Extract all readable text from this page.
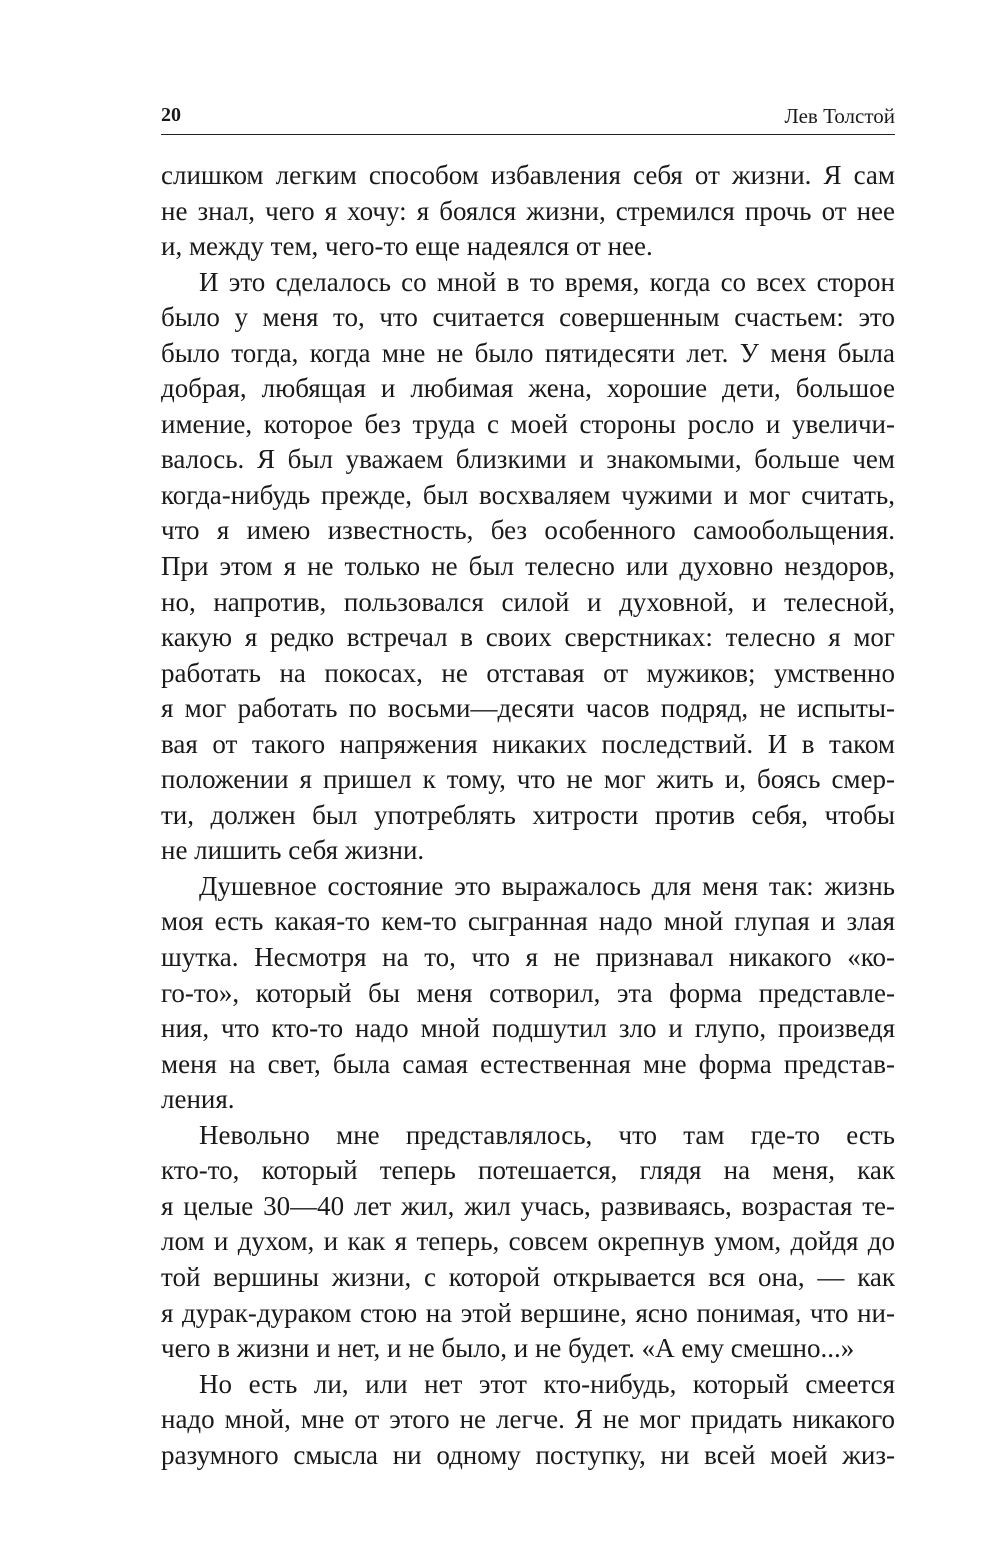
20	Лев Толстой
слишком легким способом избавления себя от жизни. Я сам
не знал, чего я хочу: я боялся жизни, стремился прочь от нее
и, между тем, чего-то еще надеялся от нее.
И это сделалось со мной в то время, когда со всех сторон
было у меня то, что считается совершенным счастьем: это
было тогда, когда мне не было пятидесяти лет. У меня была
добрая, любящая и любимая жена, хорошие дети, большое
имение, которое без труда с моей стороны росло и увеличи-
валось. Я был уважаем близкими и знакомыми, больше чем
когда-нибудь прежде, был восхваляем чужими и мог считать,
что я имею известность, без особенного самообольщения.
При этом я не только не был телесно или духовно нездоров,
но, напротив, пользовался силой и духовной, и телесной,
какую я редко встречал в своих сверстниках: телесно я мог
работать на покосах, не отставая от мужиков; умственно
я мог работать по восьми—десяти часов подряд, не испыты-
вая от такого напряжения никаких последствий. И в таком
положении я пришел к тому, что не мог жить и, боясь смер-
ти, должен был употреблять хитрости против себя, чтобы
не лишить себя жизни.
Душевное состояние это выражалось для меня так: жизнь
моя есть какая-то кем-то сыгранная надо мной глупая и злая
шутка. Несмотря на то, что я не признавал никакого «ко-
го-то», который бы меня сотворил, эта форма представле-
ния, что кто-то надо мной подшутил зло и глупо, произведя
меня на свет, была самая естественная мне форма представ-
ления.
Невольно мне представлялось, что там где-то есть
кто-то, который теперь потешается, глядя на меня, как
я целые 30—40 лет жил, жил учась, развиваясь, возрастая те-
лом и духом, и как я теперь, совсем окрепнув умом, дойдя до
той вершины жизни, с которой открывается вся она, — как
я дурак-дураком стою на этой вершине, ясно понимая, что ни-
чего в жизни и нет, и не было, и не будет. «А ему смешно...»
Но есть ли, или нет этот кто-нибудь, который смеется
надо мной, мне от этого не легче. Я не мог придать никакого
разумного смысла ни одному поступку, ни всей моей жиз-
